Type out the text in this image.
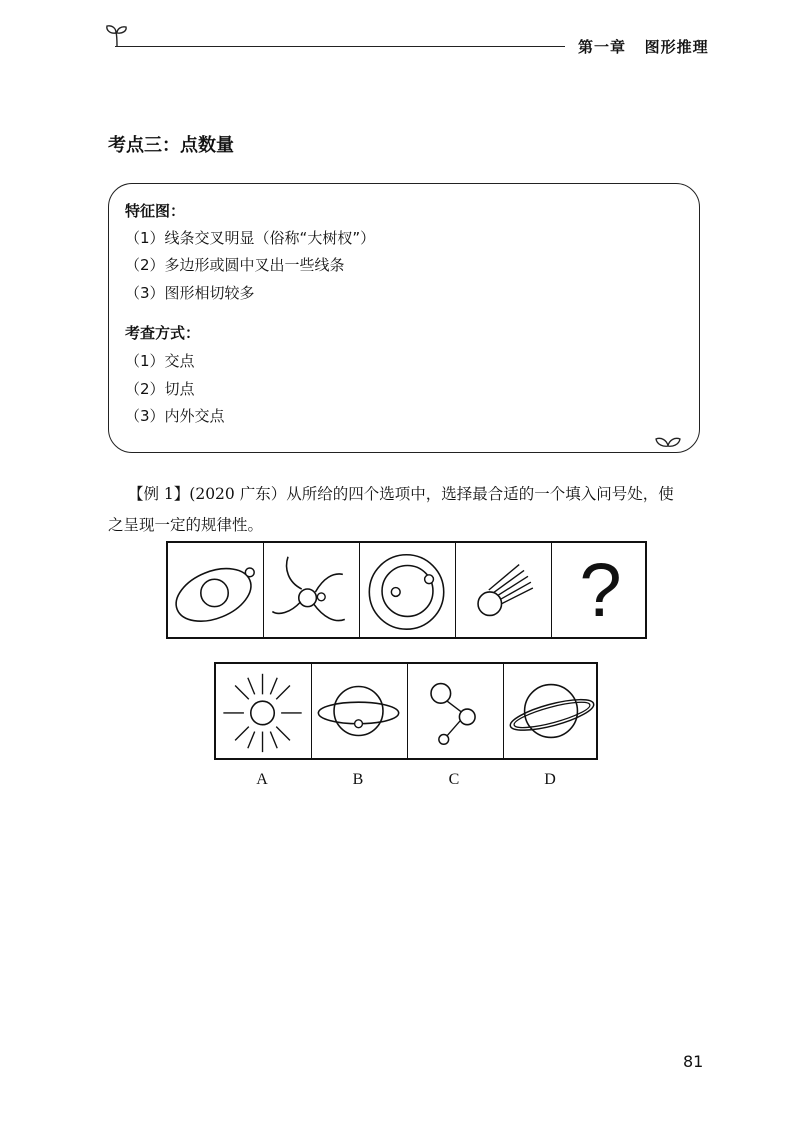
第一章   图形推理
考点三：点数量
特征图：
（1）线条交叉明显（俗称“大树杈”）
（2）多边形或圆中叉出一些线条
（3）图形相切较多
考查方式：
（1）交点
（2）切点
（3）内外交点
【例 1】(2020 广东）从所给的四个选项中，选择最合适的一个填入问号处，使
之呈现一定的规律性。
?
A	B	C	D
81
